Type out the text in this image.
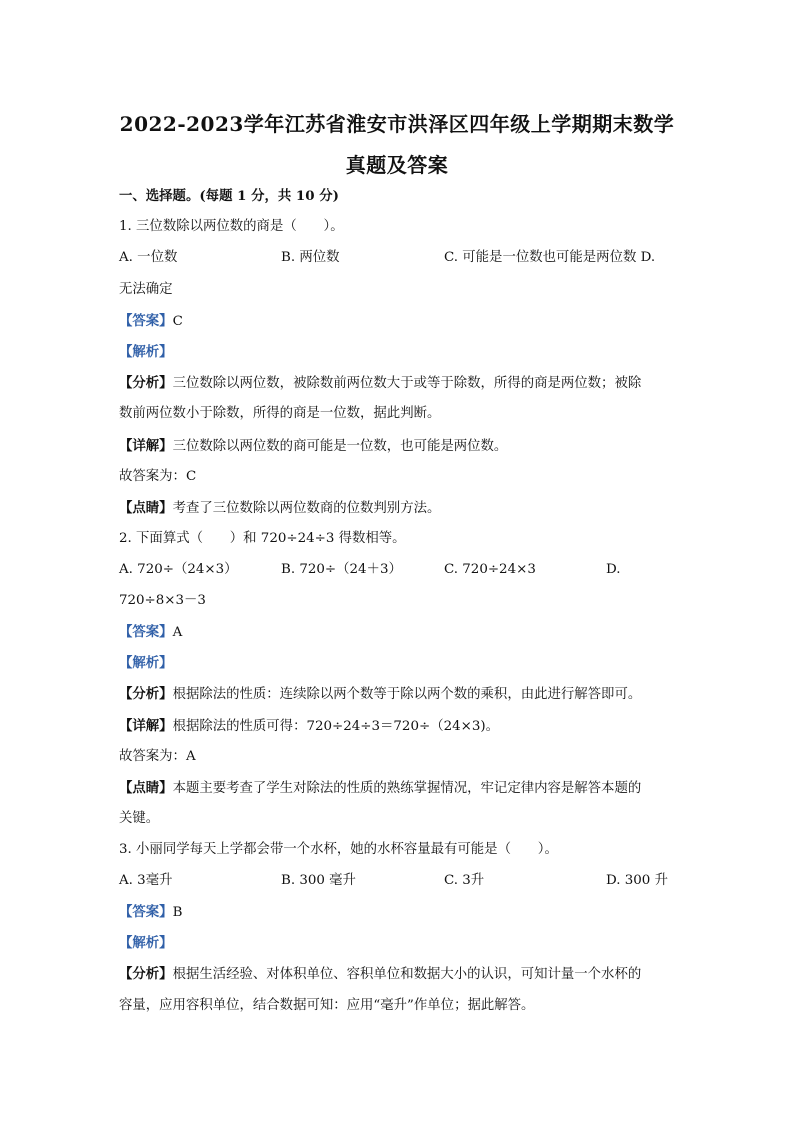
2022-2023学年江苏省淮安市洪泽区四年级上学期期末数学
真题及答案
一、选择题。(每题 1 分，共 10 分)
1. 三位数除以两位数的商是（　　）。
A. 一位数	B. 两位数	C. 可能是一位数也可能是两位数 D.
无法确定
【答案】C
【解析】
【分析】三位数除以两位数，被除数前两位数大于或等于除数，所得的商是两位数；被除
数前两位数小于除数，所得的商是一位数，据此判断。
【详解】三位数除以两位数的商可能是一位数，也可能是两位数。
故答案为：C
【点睛】考查了三位数除以两位数商的位数判别方法。
2. 下面算式（　　）和 720÷24÷3 得数相等。
A. 720÷（24×3）	B. 720÷（24＋3）	C. 720÷24×3	D.
720÷8×3－3
【答案】A
【解析】
【分析】根据除法的性质：连续除以两个数等于除以两个数的乘积，由此进行解答即可。
【详解】根据除法的性质可得：720÷24÷3＝720÷（24×3)。
故答案为：A
【点睛】本题主要考查了学生对除法的性质的熟练掌握情况，牢记定律内容是解答本题的
关键。
3. 小丽同学每天上学都会带一个水杯，她的水杯容量最有可能是（　　）。
A. 3毫升	B. 300 毫升	C. 3升	D. 300 升
【答案】B
【解析】
【分析】根据生活经验、对体积单位、容积单位和数据大小的认识，可知计量一个水杯的
容量，应用容积单位，结合数据可知：应用“毫升”作单位；据此解答。
